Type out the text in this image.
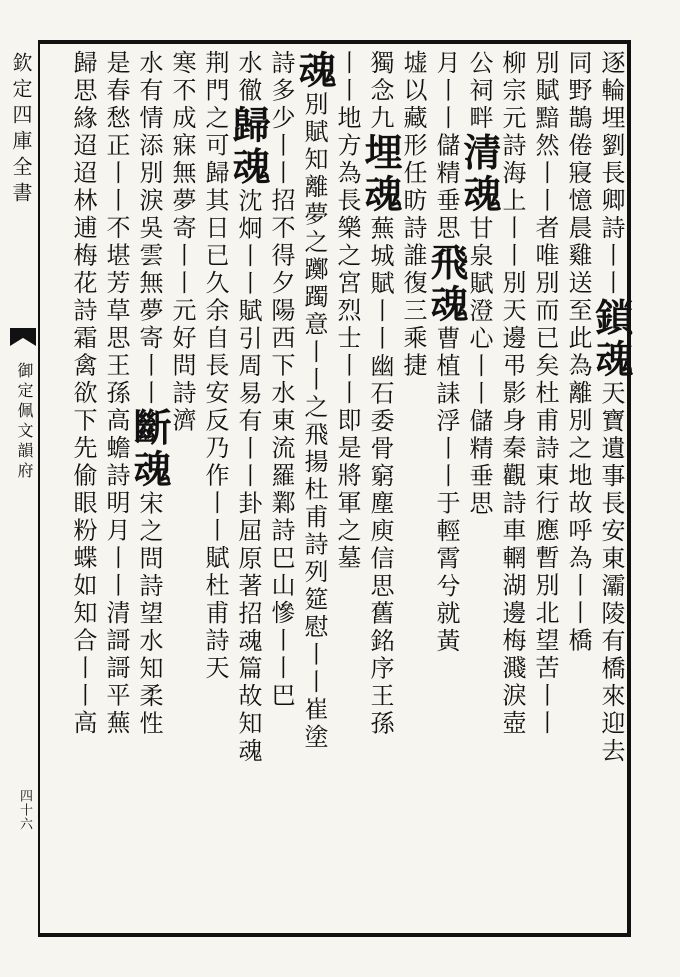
欽定四庫全書
御定佩文韻府
四十六
逐輪埋劉長卿詩丨丨鎖魂天寶遺事長安東灞陵有橋來迎去
同野鵲倦寢憶晨雞送至此為離別之地故呼為丨丨橋
別賦黯然丨丨者唯別而已矣杜甫詩東行應暫別北望苦丨丨
柳宗元詩海上丨丨別天邊弔影身秦觀詩車輞湖邊梅濺淚壺
公祠畔清魂甘泉賦澄心丨丨儲精垂思
月丨丨儲精垂思飛魂曹植誄浮丨丨于輕霄兮就黃
墟以藏形任昉詩誰復三乘捷
獨念九埋魂蕪城賦丨丨幽石委骨窮塵庾信思舊銘序王孫
丨丨地方為長樂之宮烈士丨丨即是將軍之墓
魂別賦知離夢之躑躅意丨丨之飛揚杜甫詩列筵慰丨丨崔塗
詩多少丨丨招不得夕陽西下水東流羅鄴詩巴山慘丨丨巴
水徹歸魂沈炯丨丨賦引周易有丨丨卦屈原著招魂篇故知魂
荆門之可歸其日已久余自長安反乃作丨丨賦杜甫詩天
寒不成寐無夢寄丨丨元好問詩濟
水有情添別淚吳雲無夢寄丨丨斷魂宋之問詩望水知柔性
是春愁正丨丨不堪芳草思王孫高蟾詩明月丨丨清謌謌平蕪
歸思緣迢迢林逋梅花詩霜禽欲下先偷眼粉蝶如知合丨丨高
